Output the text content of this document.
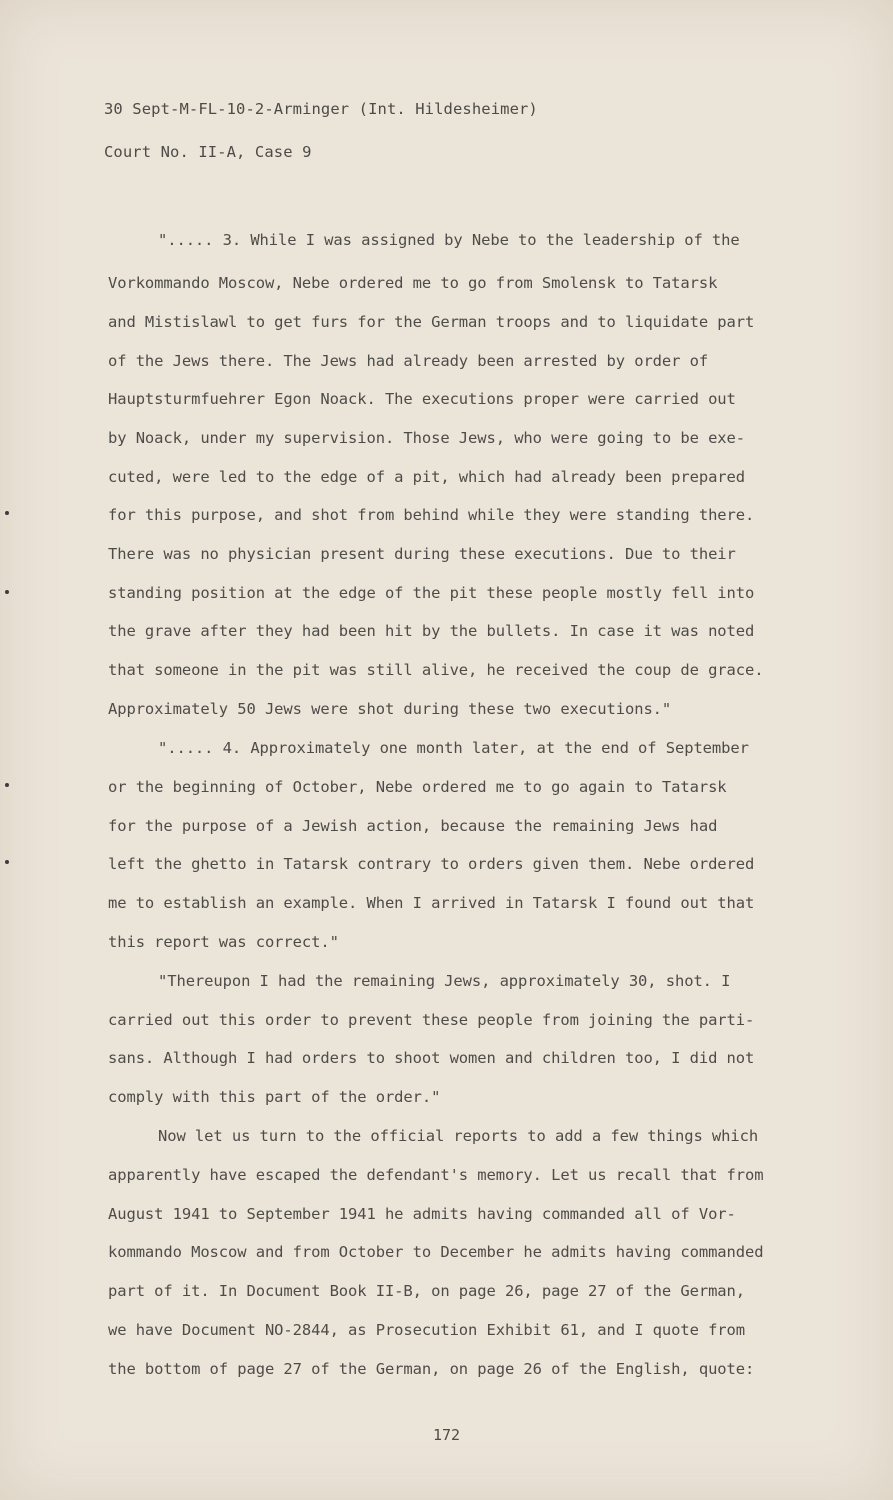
30 Sept-M-FL-10-2-Arminger (Int. Hildesheimer)
Court No. II-A, Case 9
"..... 3. While I was assigned by Nebe to the leadership of the
Vorkommando Moscow, Nebe ordered me to go from Smolensk to Tatarsk
and Mistislawl to get furs for the German troops and to liquidate part
of the Jews there. The Jews had already been arrested by order of
Hauptsturmfuehrer Egon Noack. The executions proper were carried out
by Noack, under my supervision. Those Jews, who were going to be exe-
cuted, were led to the edge of a pit, which had already been prepared
for this purpose, and shot from behind while they were standing there.
There was no physician present during these executions. Due to their
standing position at the edge of the pit these people mostly fell into
the grave after they had been hit by the bullets. In case it was noted
that someone in the pit was still alive, he received the coup de grace.
Approximately 50 Jews were shot during these two executions."
"..... 4. Approximately one month later, at the end of September
or the beginning of October, Nebe ordered me to go again to Tatarsk
for the purpose of a Jewish action, because the remaining Jews had
left the ghetto in Tatarsk contrary to orders given them. Nebe ordered
me to establish an example. When I arrived in Tatarsk I found out that
this report was correct."
"Thereupon I had the remaining Jews, approximately 30, shot. I
carried out this order to prevent these people from joining the parti-
sans. Although I had orders to shoot women and children too, I did not
comply with this part of the order."
Now let us turn to the official reports to add a few things which
apparently have escaped the defendant's memory. Let us recall that from
August 1941 to September 1941 he admits having commanded all of Vor-
kommando Moscow and from October to December he admits having commanded
part of it. In Document Book II-B, on page 26, page 27 of the German,
we have Document NO-2844, as Prosecution Exhibit 61, and I quote from
the bottom of page 27 of the German, on page 26 of the English, quote:
172
